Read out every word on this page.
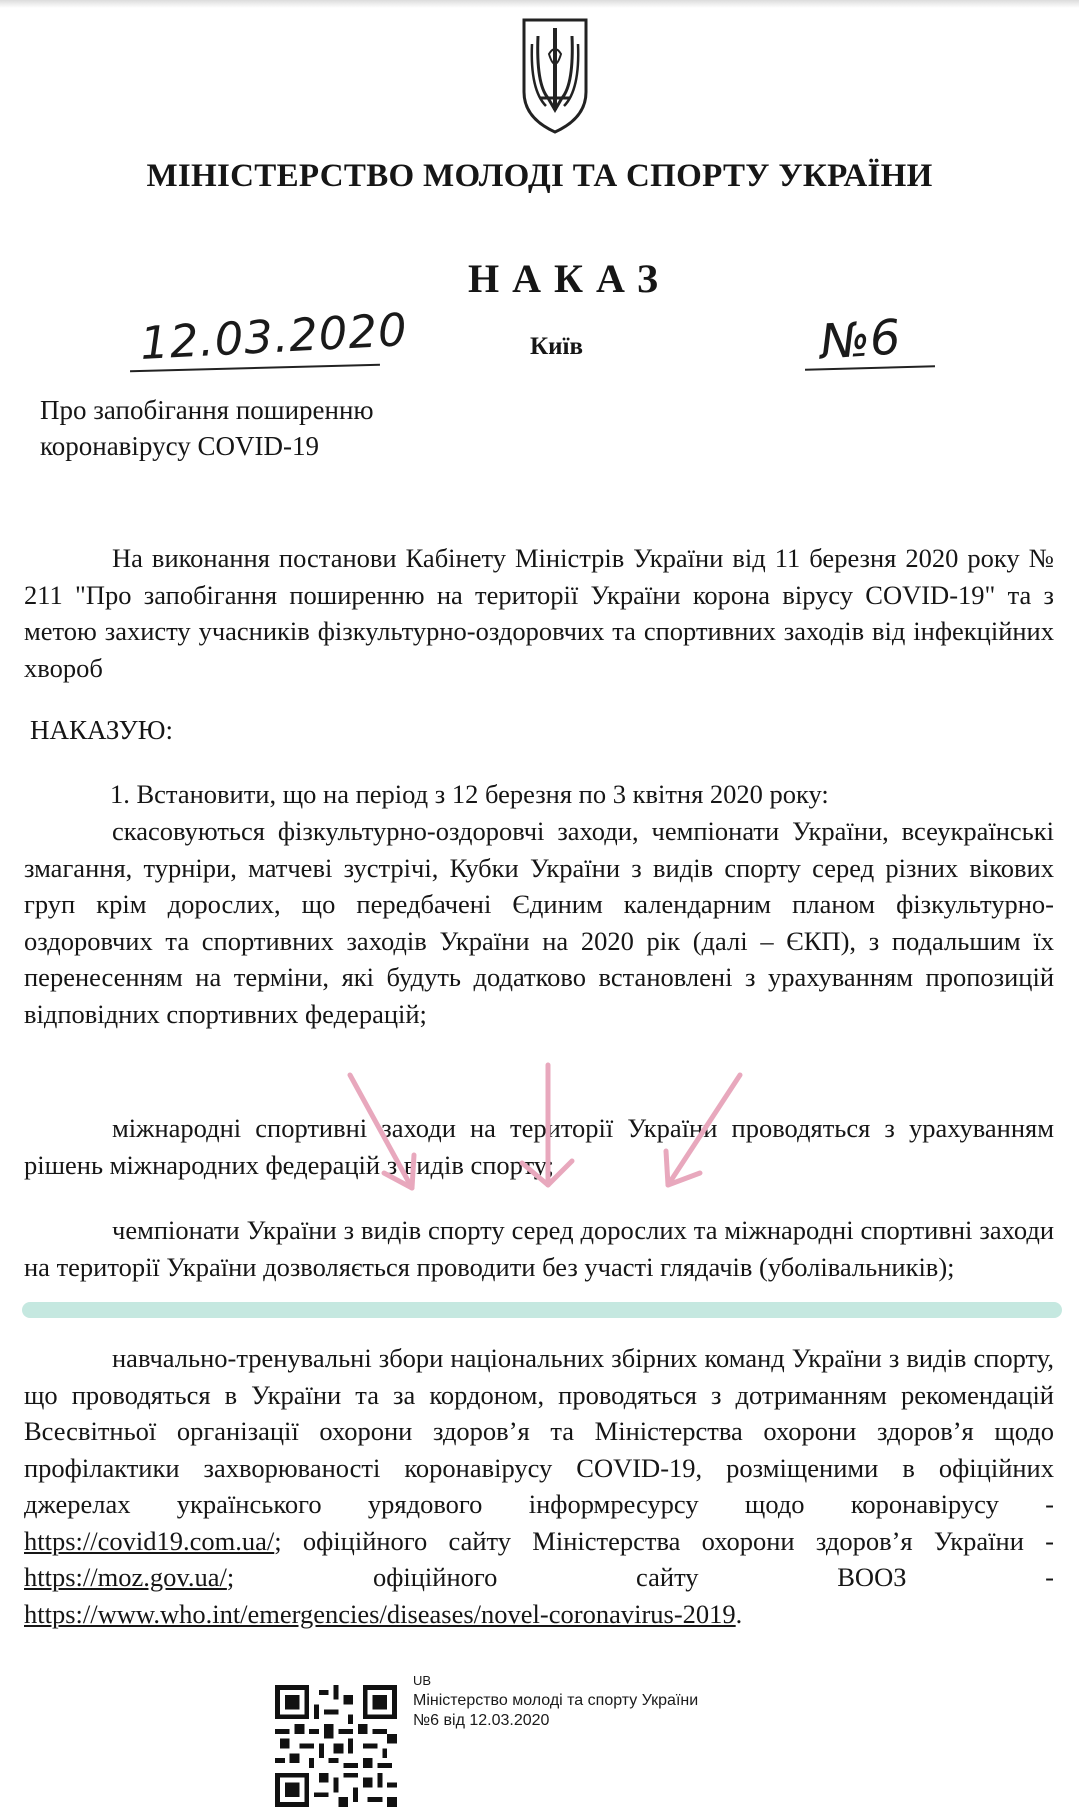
МІНІСТЕРСТВО МОЛОДІ ТА СПОРТУ УКРАЇНИ
НАКАЗ
12.03.2020	Київ	№6
Про запобігання поширенню
коронавірусу COVID-19
На виконання постанови Кабінету Міністрів України від 11 березня 2020 року № 211 "Про запобігання поширенню на території України корона вірусу COVID-19" та з метою захисту учасників фізкультурно-оздоровчих та спортивних заходів від інфекційних хвороб
НАКАЗУЮ:
1. Встановити, що на період з 12 березня по 3 квітня 2020 року:
скасовуються фізкультурно-оздоровчі заходи, чемпіонати України, всеукраїнські змагання, турніри, матчеві зустрічі, Кубки України з видів спорту серед різних вікових груп крім дорослих, що передбачені Єдиним календарним планом фізкультурно-оздоровчих та спортивних заходів України на 2020 рік (далі – ЄКП), з подальшим їх перенесенням на терміни, які будуть додатково встановлені з урахуванням пропозицій відповідних спортивних федерацій;
міжнародні спортивні заходи на території України проводяться з урахуванням рішень міжнародних федерацій з видів спорту;
чемпіонати України з видів спорту серед дорослих та міжнародні спортивні заходи на території України дозволяється проводити без участі глядачів (уболівальників);
навчально-тренувальні збори національних збірних команд України з видів спорту, що проводяться в України та за кордоном, проводяться з дотриманням рекомендацій Всесвітньої організації охорони здоров’я та Міністерства охорони здоров’я щодо профілактики захворюваності коронавірусу COVID-19, розміщеними в офіційних джерелах українського урядового інформресурсу щодо коронавірусу - https://covid19.com.ua/; офіційного сайту Міністерства охорони здоров’я України - https://moz.gov.ua/; офіційного сайту ВООЗ - https://www.who.int/emergencies/diseases/novel-coronavirus-2019.
UB
Міністерство молоді та спорту України
№6 від 12.03.2020
